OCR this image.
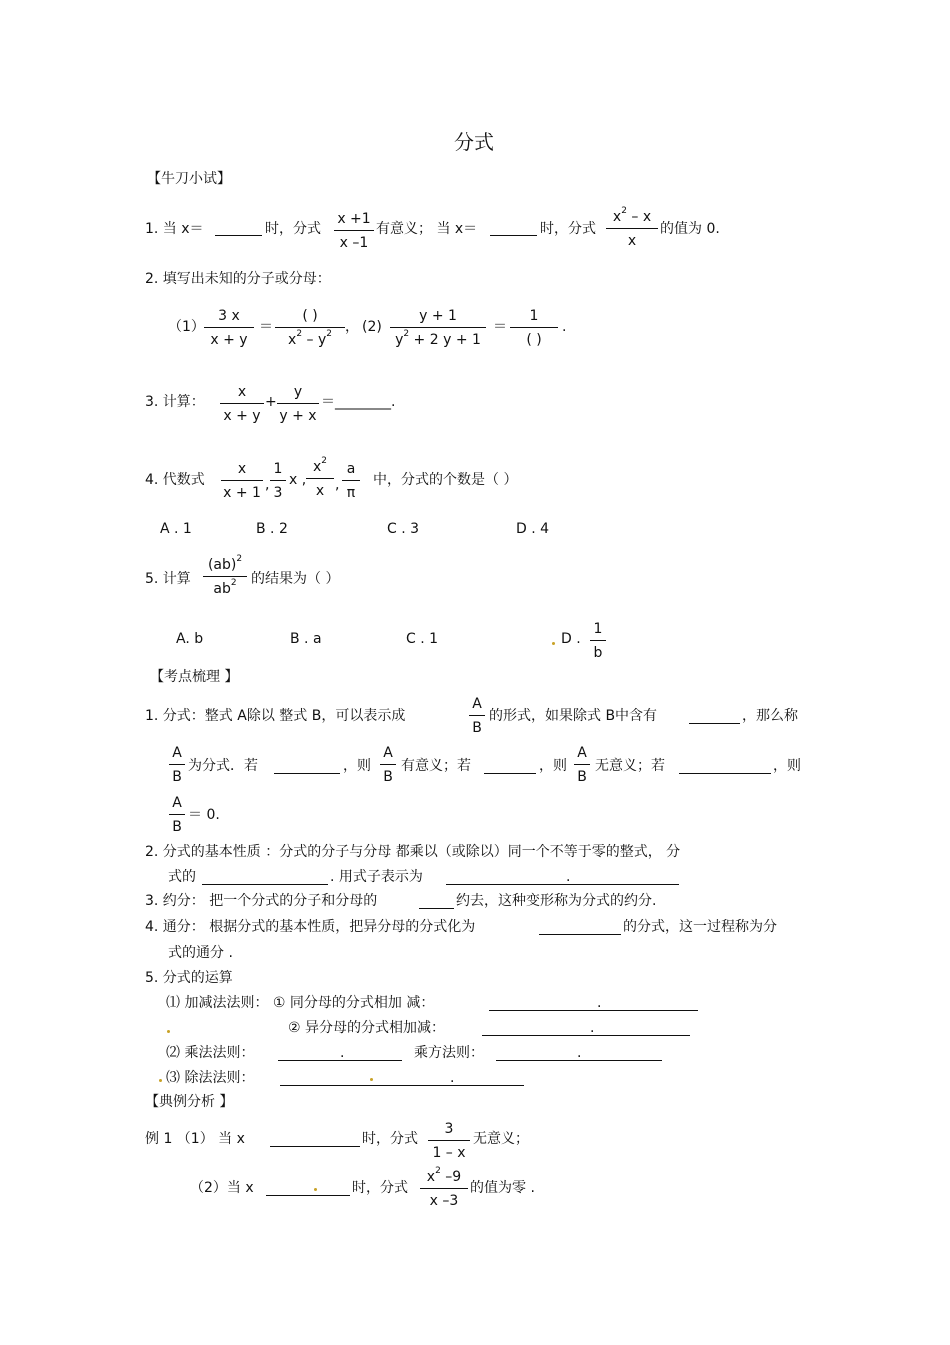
分式
【牛刀小试】
1. 当 x＝	时，分式 $\frac{x +1}{x -1}$ 有意义； 当 x＝	时，分式 $\frac{x^2 - x}{x}$ 的值为 0.
2. 填写出未知的分子或分母：
$(1) \frac{3 x}{x + y}$ ＝
( )
$x^2 - y^2$ ， $(2) \frac{y + 1}{y^2 + 2 y + 1}$ ＝
1
( )
.
3. 计算： $\frac{x}{x + y} + \frac{y}{y + x}$ ＝________.
4. 代数式 $\frac{x}{x + 1}$ , $\frac{1}{3}$ x , $\frac{x^2}{x}$ , $\frac{a}{\pi}$ 中，分式的个数是（ ）
A . 1	B . 2	C . 3	D . 4
5. 计算 $\frac{(ab)^2}{ab^2}$ 的结果为（ ）
A. b	B . a	C . 1	D . $\frac{1}{b}$
【考点梳理 】
1. 分式：整式 A除以 整式 B，可以表示成	$\frac{A}{B}$ 的形式，如果除式 B中含有	，那么称
$\frac{A}{B}$ 为分式．若	，则 $\frac{A}{B}$ 有意义；若	，则 $\frac{A}{B}$ 无意义；若	，则
$\frac{A}{B} = 0$.
2. 分式的基本性质 ：分式的分子与分母 都乘以（或除以）同一个不等于零的整式， 分
式的	. 用式子表示为	.
3. 约分： 把一个分式的分子和分母的	约去，这种变形称为分式的约分.
4. 通分： 根据分式的基本性质，把异分母的分式化为	的分式，这一过程称为分
式的通分 .
5. 分式的运算
⑴ 加减法法则： ① 同分母的分式相加 减：	.
② 异分母的分式相加减：	.
⑵ 乘法法则：	.	乘方法则：	.
⑶ 除法法则：	.
【典例分析 】
例 1 （1） 当 x	时，分式 $\frac{3}{1 - x}$ 无意义；
（2）当 x	时，分式 $\frac{x^2 -9}{x -3}$ 的值为零 .
